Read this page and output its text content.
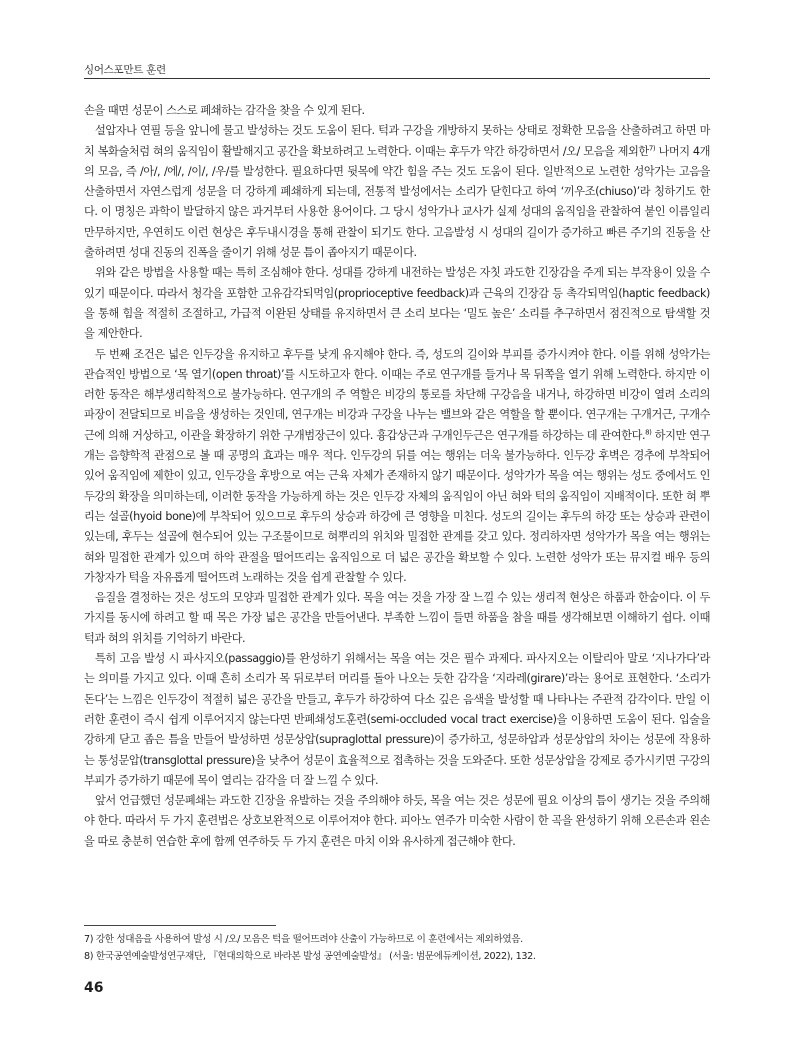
싱어스포만트 훈련

손을 때면 성문이 스스로 폐쇄하는 감각을 찾을 수 있게 된다.

설압자나 연필 등을 앞니에 물고 발성하는 것도 도움이 된다. 턱과 구강을 개방하지 못하는 상태로 정확한 모음을 산출하려고 하면 마치 복화술처럼 혀의 움직임이 활발해지고 공간을 확보하려고 노력한다. 이때는 후두가 약간 하강하면서 /오/ 모음을 제외한$^{7)}$ 나머지 4개의 모음, 즉 /아/, /에/, /이/, /우/를 발성한다. 필요하다면 뒷목에 약간 힘을 주는 것도 도움이 된다. 일반적으로 노련한 성악가는 고음을 산출하면서 자연스럽게 성문을 더 강하게 폐쇄하게 되는데, 전통적 발성에서는 소리가 닫힌다고 하여 ‘끼우조(chiuso)’라 칭하기도 한다. 이 명칭은 과학이 발달하지 않은 과거부터 사용한 용어이다. 그 당시 성악가나 교사가 실제 성대의 움직임을 관찰하여 붙인 이름일리 만무하지만, 우연히도 이런 현상은 후두내시경을 통해 관찰이 되기도 한다. 고음발성 시 성대의 길이가 증가하고 빠른 주기의 진동을 산출하려면 성대 진동의 진폭을 줄이기 위해 성문 틈이 좁아지기 때문이다.

위와 같은 방법을 사용할 때는 특히 조심해야 한다. 성대를 강하게 내전하는 발성은 자칫 과도한 긴장감을 주게 되는 부작용이 있을 수 있기 때문이다. 따라서 청각을 포함한 고유감각되먹임(proprioceptive feedback)과 근육의 긴장감 등 촉각되먹임(haptic feedback)을 통해 힘을 적절히 조절하고, 가급적 이완된 상태를 유지하면서 큰 소리 보다는 ‘밀도 높은’ 소리를 추구하면서 점진적으로 탐색할 것을 제안한다.

두 번째 조건은 넓은 인두강을 유지하고 후두를 낮게 유지해야 한다. 즉, 성도의 길이와 부피를 증가시켜야 한다. 이를 위해 성악가는 관습적인 방법으로 ‘목 열기(open throat)’를 시도하고자 한다. 이때는 주로 연구개를 들거나 목 뒤쪽을 열기 위해 노력한다. 하지만 이러한 동작은 해부생리학적으로 불가능하다. 연구개의 주 역할은 비강의 통로를 차단해 구강음을 내거나, 하강하면 비강이 열려 소리의 파장이 전달되므로 비음을 생성하는 것인데, 연구개는 비강과 구강을 나누는 밸브와 같은 역할을 할 뿐이다. 연구개는 구개거근, 구개수근에 의해 거상하고, 이관을 확장하기 위한 구개범장근이 있다. 흉갑상근과 구개인두근은 연구개를 하강하는 데 관여한다.$^{8)}$ 하지만 연구개는 음향학적 관점으로 볼 때 공명의 효과는 매우 적다. 인두강의 뒤를 여는 행위는 더욱 불가능하다. 인두강 후벽은 경추에 부착되어 있어 움직임에 제한이 있고, 인두강을 후방으로 여는 근육 자체가 존재하지 않기 때문이다. 성악가가 목을 여는 행위는 성도 중에서도 인두강의 확장을 의미하는데, 이러한 동작을 가능하게 하는 것은 인두강 자체의 움직임이 아닌 혀와 턱의 움직임이 지배적이다. 또한 혀 뿌리는 설골(hyoid bone)에 부착되어 있으므로 후두의 상승과 하강에 큰 영향을 미친다. 성도의 길이는 후두의 하강 또는 상승과 관련이 있는데, 후두는 설골에 현수되어 있는 구조물이므로 혀뿌리의 위치와 밀접한 관계를 갖고 있다. 정리하자면 성악가가 목을 여는 행위는 혀와 밀접한 관계가 있으며 하악 관절을 떨어뜨리는 움직임으로 더 넓은 공간을 확보할 수 있다. 노련한 성악가 또는 뮤지컬 배우 등의 가창자가 턱을 자유롭게 떨어뜨려 노래하는 것을 쉽게 관찰할 수 있다.

음질을 결정하는 것은 성도의 모양과 밀접한 관계가 있다. 목을 여는 것을 가장 잘 느낄 수 있는 생리적 현상은 하품과 한숨이다. 이 두 가지를 동시에 하려고 할 때 목은 가장 넓은 공간을 만들어낸다. 부족한 느낌이 들면 하품을 참을 때를 생각해보면 이해하기 쉽다. 이때 턱과 혀의 위치를 기억하기 바란다.

특히 고음 발성 시 파사지오(passaggio)를 완성하기 위해서는 목을 여는 것은 필수 과제다. 파사지오는 이탈리아 말로 ‘지나가다’라는 의미를 가지고 있다. 이때 흔히 소리가 목 뒤로부터 머리를 돌아 나오는 듯한 감각을 ‘지라레(girare)’라는 용어로 표현한다. ‘소리가 돈다’는 느낌은 인두강이 적절히 넓은 공간을 만들고, 후두가 하강하여 다소 깊은 음색을 발성할 때 나타나는 주관적 감각이다. 만일 이러한 훈련이 즉시 쉽게 이루어지지 않는다면 반폐쇄성도훈련(semi-occluded vocal tract exercise)을 이용하면 도움이 된다. 입술을 강하게 닫고 좁은 틈을 만들어 발성하면 성문상압(supraglottal pressure)이 증가하고, 성문하압과 성문상압의 차이는 성문에 작용하는 통성문압(transglottal pressure)을 낮추어 성문이 효율적으로 접촉하는 것을 도와준다. 또한 성문상압을 강제로 증가시키면 구강의 부피가 증가하기 때문에 목이 열리는 감각을 더 잘 느낄 수 있다.

앞서 언급했던 성문폐쇄는 과도한 긴장을 유발하는 것을 주의해야 하듯, 목을 여는 것은 성문에 필요 이상의 틈이 생기는 것을 주의해야 한다. 따라서 두 가지 훈련법은 상호보완적으로 이루어져야 한다. 피아노 연주가 미숙한 사람이 한 곡을 완성하기 위해 오른손과 왼손을 따로 충분히 연습한 후에 함께 연주하듯 두 가지 훈련은 마치 이와 유사하게 접근해야 한다.

7) 강한 성대음을 사용하여 발성 시 /오/ 모음은 턱을 떨어뜨려야 산출이 가능하므로 이 훈련에서는 제외하였음.

8) 한국공연예술발성연구재단, 『현대의학으로 바라본 발성 공연예술발성』 (서울: 범문에듀케이션, 2022), 132.

46
